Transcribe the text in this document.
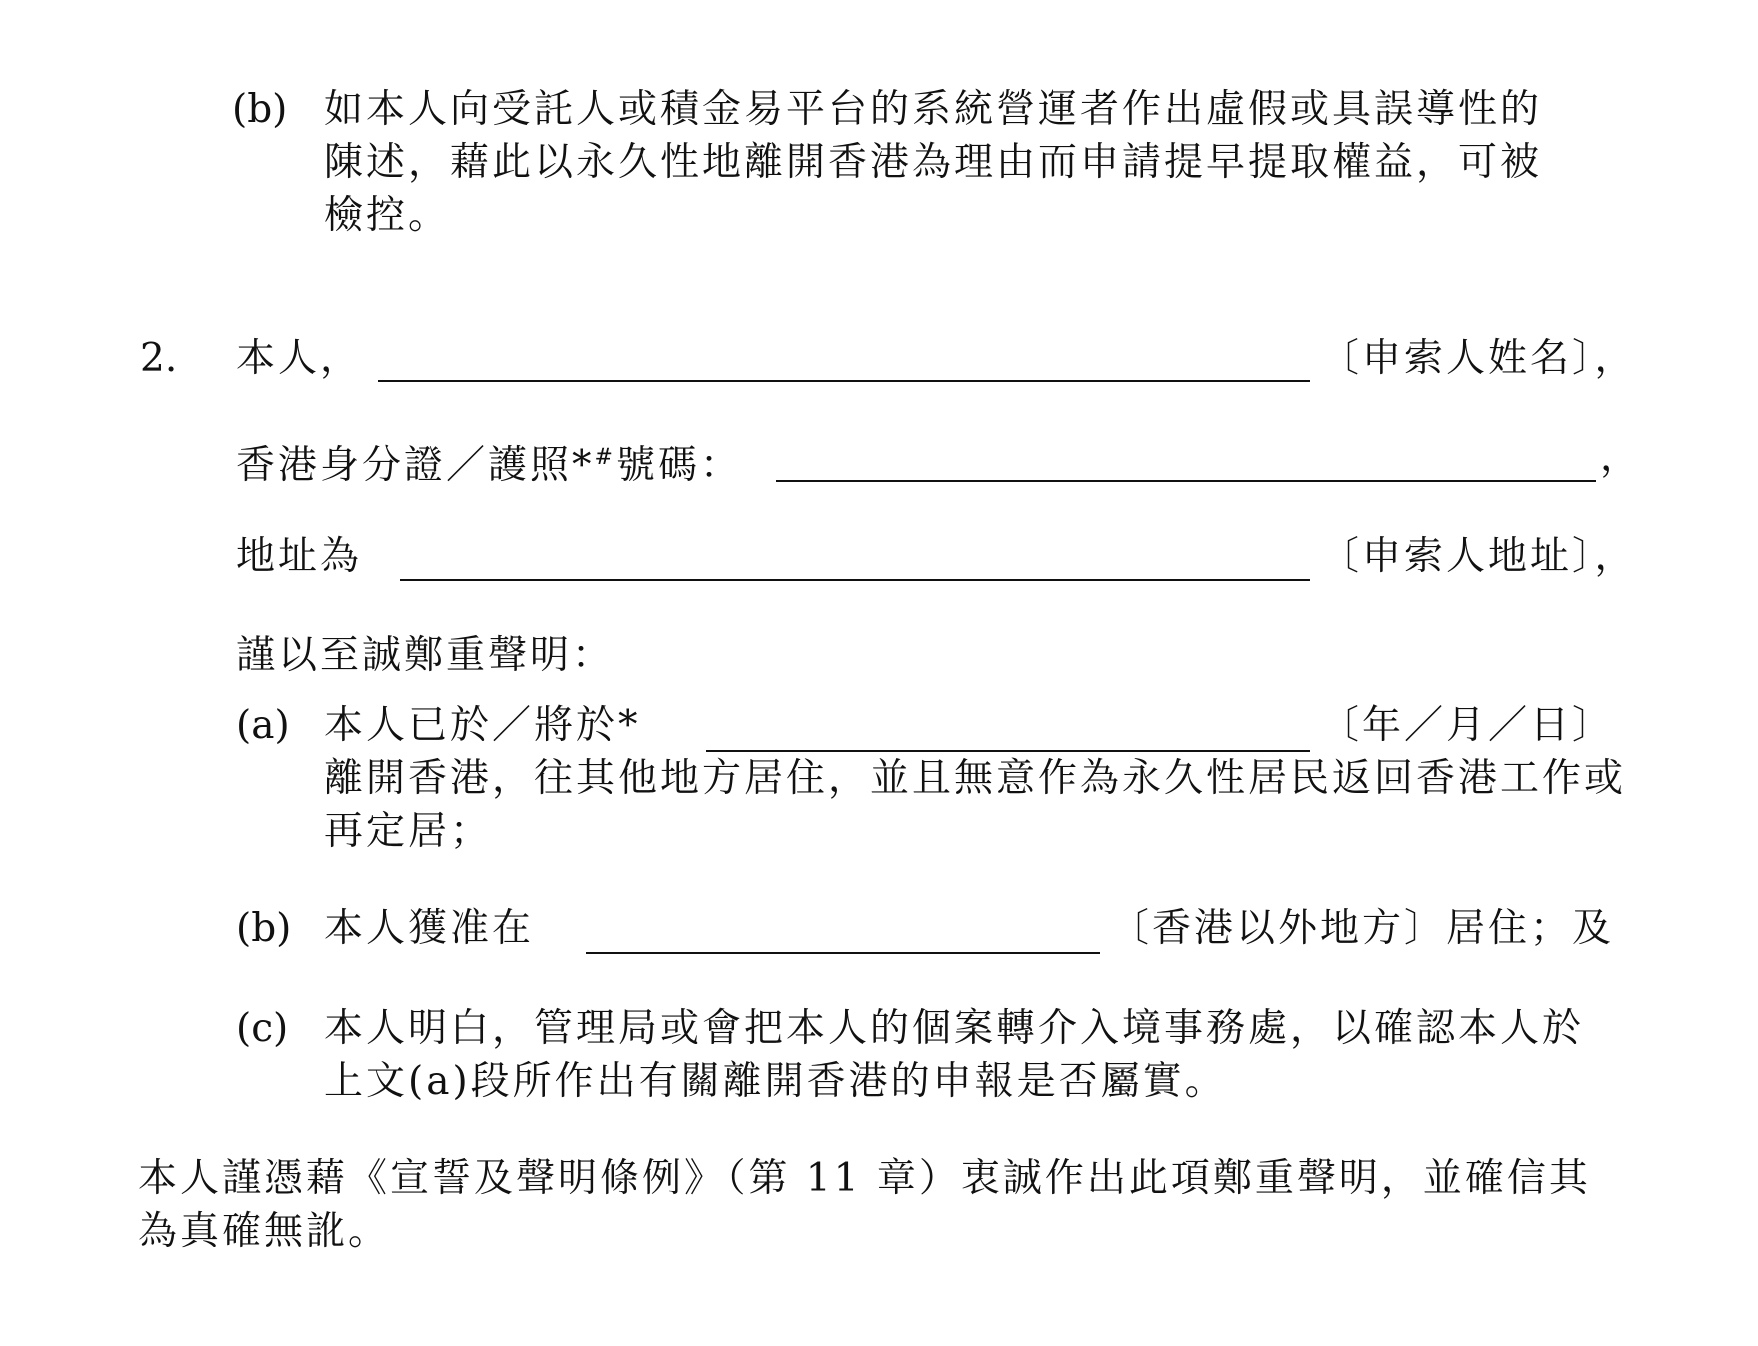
(b) 如本人向受託人或積金易平台的系統營運者作出虛假或具誤導性的
陳述，藉此以永久性地離開香港為理由而申請提早提取權益，可被
檢控。
2. 本人，	〔申索人姓名〕，
香港身分證／護照*#號碼：	，
地址為	〔申索人地址〕，
謹以至誠鄭重聲明：
(a) 本人已於／將於*	〔年／月／日〕
離開香港，往其他地方居住，並且無意作為永久性居民返回香港工作或
再定居；
(b) 本人獲准在	〔香港以外地方〕居住；及
(c) 本人明白，管理局或會把本人的個案轉介入境事務處，以確認本人於
上文(a)段所作出有關離開香港的申報是否屬實。
本人謹憑藉《宣誓及聲明條例》（第 11 章）衷誠作出此項鄭重聲明，並確信其
為真確無訛。
